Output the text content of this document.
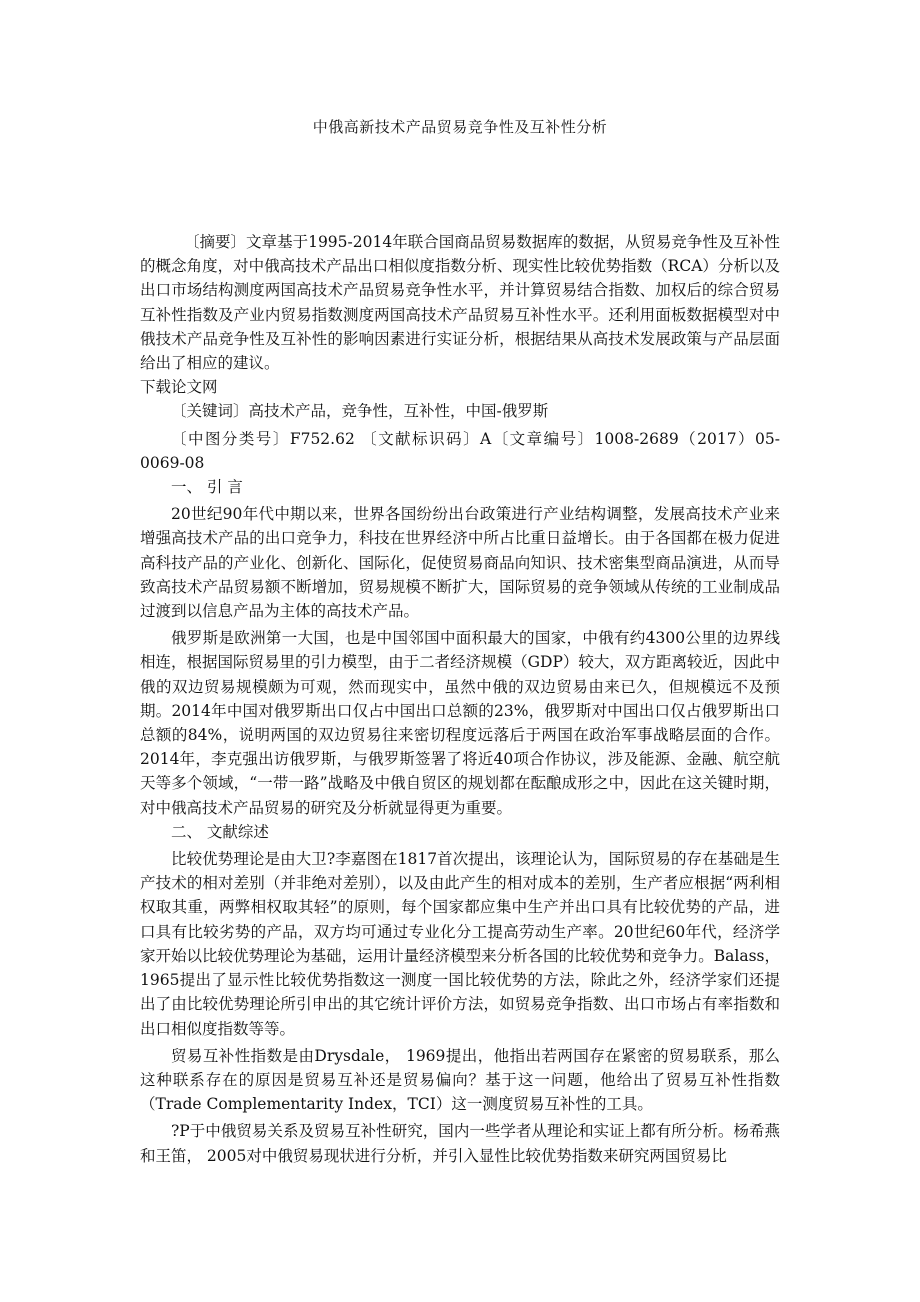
中俄高新技术产品贸易竞争性及互补性分析

〔摘要〕文章基于1995-2014年联合国商品贸易数据库的数据，从贸易竞争性及互补性的概念角度，对中俄高技术产品出口相似度指数分析、现实性比较优势指数（RCA）分析以及出口市场结构测度两国高技术产品贸易竞争性水平，并计算贸易结合指数、加权后的综合贸易互补性指数及产业内贸易指数测度两国高技术产品贸易互补性水平。还利用面板数据模型对中俄技术产品竞争性及互补性的影响因素进行实证分析，根据结果从高技术发展政策与产品层面给出了相应的建议。

下载论文网

〔关键词〕高技术产品，竞争性，互补性，中国-俄罗斯

〔中图分类号〕F752.62 〔文献标识码〕A〔文章编号〕1008-2689（2017）05-0069-08

一、 引 言

20世纪90年代中期以来，世界各国纷纷出台政策进行产业结构调整，发展高技术产业来增强高技术产品的出口竞争力，科技在世界经济中所占比重日益增长。由于各国都在极力促进高科技产品的产业化、创新化、国际化，促使贸易商品向知识、技术密集型商品演进，从而导致高技术产品贸易额不断增加，贸易规模不断扩大，国际贸易的竞争领域从传统的工业制成品过渡到以信息产品为主体的高技术产品。

俄罗斯是欧洲第一大国，也是中国邻国中面积最大的国家，中俄有约4300公里的边界线相连，根据国际贸易里的引力模型，由于二者经济规模（GDP）较大，双方距离较近，因此中俄的双边贸易规模颇为可观，然而现实中，虽然中俄的双边贸易由来已久，但规模远不及预期。2014年中国对俄罗斯出口仅占中国出口总额的23%，俄罗斯对中国出口仅占俄罗斯出口总额的84%，说明两国的双边贸易往来密切程度远落后于两国在政治军事战略层面的合作。2014年，李克强出访俄罗斯，与俄罗斯签署了将近40项合作协议，涉及能源、金融、航空航天等多个领域，“一带一路”战略及中俄自贸区的规划都在酝酿成形之中，因此在这关键时期，对中俄高技术产品贸易的研究及分析就显得更为重要。

二、 文献综述

比较优势理论是由大卫?李嘉图在1817首次提出，该理论认为，国际贸易的存在基础是生产技术的相对差别（并非绝对差别），以及由此产生的相对成本的差别，生产者应根据“两利相权取其重，两弊相权取其轻”的原则，每个国家都应集中生产并出口具有比较优势的产品，进口具有比较劣势的产品，双方均可通过专业化分工提高劳动生产率。20世纪60年代，经济学家开始以比较优势理论为基础，运用计量经济模型来分析各国的比较优势和竞争力。Balass， 1965提出了显示性比较优势指数这一测度一国比较优势的方法，除此之外，经济学家们还提出了由比较优势理论所引申出的其它统计评价方法，如贸易竞争指数、出口市场占有率指数和出口相似度指数等等。

贸易互补性指数是由Drysdale， 1969提出，他指出若两国存在紧密的贸易联系，那么这种联系存在的原因是贸易互补还是贸易偏向？基于这一问题，他给出了贸易互补性指数（Trade Complementarity Index，TCI）这一测度贸易互补性的工具。

?P于中俄贸易关系及贸易互补性研究，国内一些学者从理论和实证上都有所分析。杨希燕和王笛， 2005对中俄贸易现状进行分析，并引入显性比较优势指数来研究两国贸易比
